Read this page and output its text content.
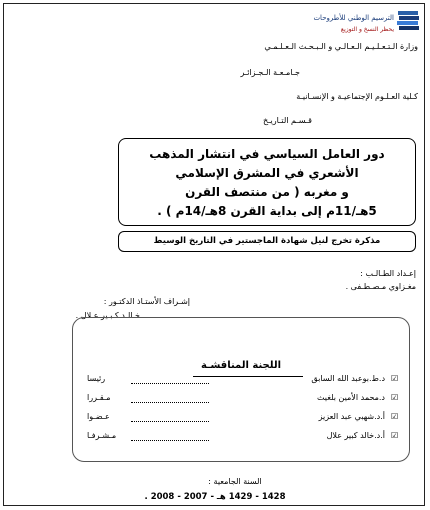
الترسيم الوطني للأطروحات
يحظر النسخ و التوزيع
وزارة الـتـعـلـيـم الـعـالـي و الـبـحـث الـعـلـمـي
جـامـعـة الـجـزائـر
كـلية العـلـوم الإجتماعيـة و الإنسـانيـة
قـسـم التـاريـخ
دور العامل السياسي في انتشار المذهب
الأشعري في المشرق الإسلامي
و مغربه ( من منتصف القرن
5هـ/11م إلى بداية القرن 8هـ/14م ) .
مذكرة تخرج لنيل شهادة الماجستير في التاريخ الوسيط
إعـداد الطـالـب :
مغـزاوي مـصـطـفى .
إشـراف الأستـاذ الدكتـور :
خـالـد كـبـير عـلال .
اللجنة المناقشـة
☑
د.ط.بوعبد الله السابق
رئيسا
☑
د.محمد الأمين بلغيث
مـقـررا
☑
أ.د.شهبي عبد العزيز
عـضـوا
☑
أ.د.خالد كبير علال
مـشـرفـا
السنة الجامعية :
1428 - 1429 هـ - 2007 - 2008 .
